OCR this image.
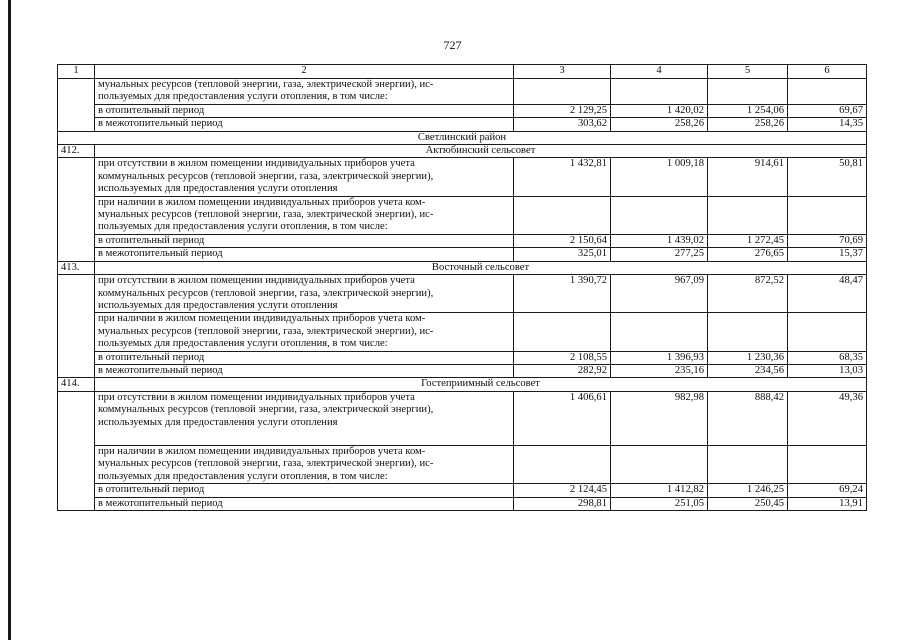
727
1	2	3	4	5	6
	мунальных ресурсов (тепловой энергии, газа, электрической энергии), ис-
пользуемых для предоставления услуги отопления, в том числе:				
	в отопительный период	2 129,25	1 420,02	1 254,06	69,67
	в межотопительный период	303,62	258,26	258,26	14,35
Светлинский район					
412.	Актюбинский сельсовет				
	при отсутствии в жилом помещении индивидуальных приборов учета
коммунальных ресурсов (тепловой энергии, газа, электрической энергии),
используемых для предоставления услуги отопления	1 432,81	1 009,18	914,61	50,81
	при наличии в жилом помещении индивидуальных приборов учета ком-
мунальных ресурсов (тепловой энергии, газа, электрической энергии), ис-
пользуемых для предоставления услуги отопления, в том числе:				
	в отопительный период	2 150,64	1 439,02	1 272,45	70,69
	в межотопительный период	325,01	277,25	276,65	15,37
413.	Восточный сельсовет				
	при отсутствии в жилом помещении индивидуальных приборов учета
коммунальных ресурсов (тепловой энергии, газа, электрической энергии),
используемых для предоставления услуги отопления	1 390,72	967,09	872,52	48,47
	при наличии в жилом помещении индивидуальных приборов учета ком-
мунальных ресурсов (тепловой энергии, газа, электрической энергии), ис-
пользуемых для предоставления услуги отопления, в том числе:				
	в отопительный период	2 108,55	1 396,93	1 230,36	68,35
	в межотопительный период	282,92	235,16	234,56	13,03
414.	Гостеприимный сельсовет				
	при отсутствии в жилом помещении индивидуальных приборов учета
коммунальных ресурсов (тепловой энергии, газа, электрической энергии),
используемых для предоставления услуги отопления	1 406,61	982,98	888,42	49,36
	при наличии в жилом помещении индивидуальных приборов учета ком-
мунальных ресурсов (тепловой энергии, газа, электрической энергии), ис-
пользуемых для предоставления услуги отопления, в том числе:				
	в отопительный период	2 124,45	1 412,82	1 246,25	69,24
	в межотопительный период	298,81	251,05	250,45	13,91
